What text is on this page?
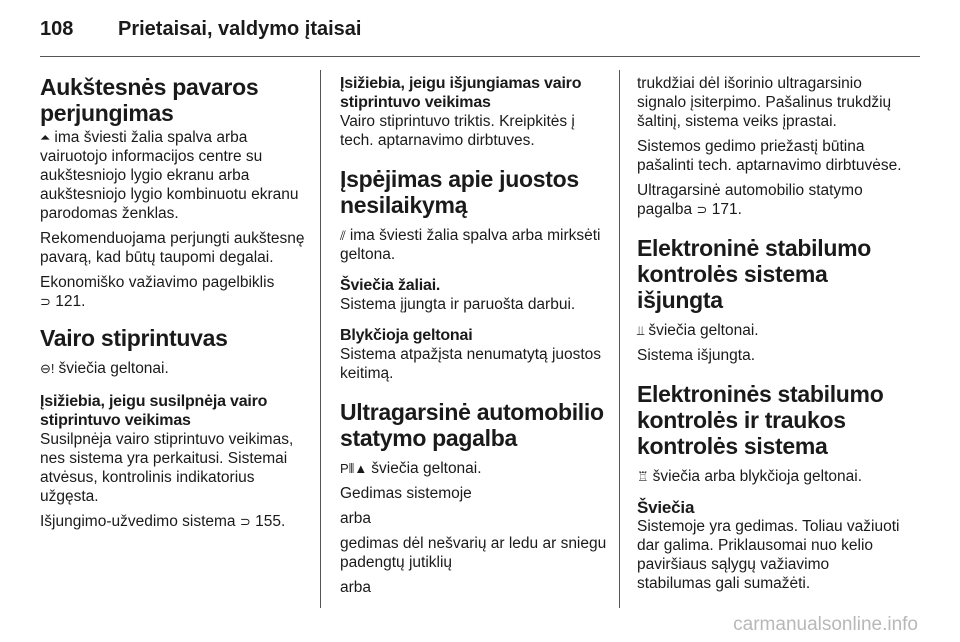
108 Prietaisai, valdymo įtaisai
Aukštesnės pavaros perjungimas

⏶ ima šviesti žalia spalva arba vairuotojo informacijos centre su aukštesniojo lygio ekranu arba aukštesniojo lygio kombinuotu ekranu parodomas ženklas.

Rekomenduojama perjungti aukštesnę pavarą, kad būtų taupomi degalai.

Ekonomiško važiavimo pagelbiklis
⊃ 121.

Vairo stiprintuvas

⊖! šviečia geltonai.

Įsižiebia, jeigu susilpnėja vairo stiprintuvo veikimas

Susilpnėja vairo stiprintuvo veikimas, nes sistema yra perkaitusi. Sistemai atvėsus, kontrolinis indikatorius užgęsta.

Išjungimo-užvedimo sistema ⊃ 155.

Įsižiebia, jeigu išjungiamas vairo stiprintuvo veikimas

Vairo stiprintuvo triktis. Kreipkitės į tech. aptarnavimo dirbtuves.

Įspėjimas apie juostos nesilaikymą

⫽ ima šviesti žalia spalva arba mirksėti geltona.

Šviečia žaliai.

Sistema įjungta ir paruošta darbui.

Blykčioja geltonai

Sistema atpažįsta nenumatytą juostos keitimą.

Ultragarsinė automobilio statymo pagalba

P⦀▲ šviečia geltonai.

Gedimas sistemoje

arba

gedimas dėl nešvarių ar ledu ar sniegu padengtų jutiklių

arba

trukdžiai dėl išorinio ultragarsinio signalo įsiterpimo. Pašalinus trukdžių šaltinį, sistema veiks įprastai.

Sistemos gedimo priežastį būtina pašalinti tech. aptarnavimo dirbtuvėse.

Ultragarsinė automobilio statymo pagalba ⊃ 171.

Elektroninė stabilumo kontrolės sistema išjungta

⫫ šviečia geltonai.

Sistema išjungta.

Elektroninės stabilumo kontrolės ir traukos kontrolės sistema

♖ šviečia arba blykčioja geltonai.

Šviečia

Sistemoje yra gedimas. Toliau važiuoti dar galima. Priklausomai nuo kelio paviršiaus sąlygų važiavimo stabilumas gali sumažėti.

carmanualsonline.info
